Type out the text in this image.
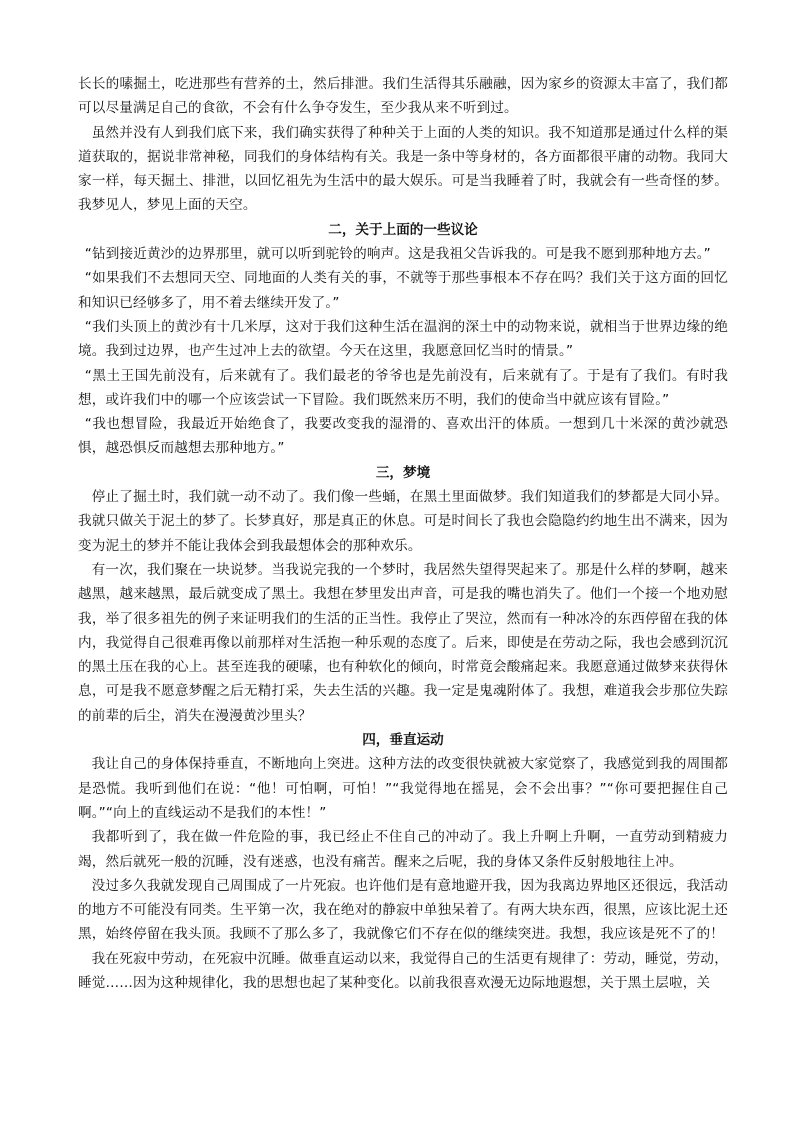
长长的嗉掘土，吃进那些有营养的土，然后排泄。我们生活得其乐融融，因为家乡的资源太丰富了，我们都可以尽量满足自己的食欲，不会有什么争夺发生，至少我从来不听到过。

虽然并没有人到我们底下来，我们确实获得了种种关于上面的人类的知识。我不知道那是通过什么样的渠道获取的，据说非常神秘，同我们的身体结构有关。我是一条中等身材的，各方面都很平庸的动物。我同大家一样，每天掘土、排泄，以回忆祖先为生活中的最大娱乐。可是当我睡着了时，我就会有一些奇怪的梦。我梦见人，梦见上面的天空。

二，关于上面的一些议论

“钻到接近黄沙的边界那里，就可以听到驼铃的响声。这是我祖父告诉我的。可是我不愿到那种地方去。”

“如果我们不去想同天空、同地面的人类有关的事，不就等于那些事根本不存在吗？我们关于这方面的回忆和知识已经够多了，用不着去继续开发了。”

“我们头顶上的黄沙有十几米厚，这对于我们这种生活在温润的深土中的动物来说，就相当于世界边缘的绝境。我到过边界，也产生过冲上去的欲望。今天在这里，我愿意回忆当时的情景。”

“黑土王国先前没有，后来就有了。我们最老的爷爷也是先前没有，后来就有了。于是有了我们。有时我想，或许我们中的哪一个应该尝试一下冒险。我们既然来历不明，我们的使命当中就应该有冒险。”

“我也想冒险，我最近开始绝食了，我要改变我的湿滑的、喜欢出汗的体质。一想到几十米深的黄沙就恐惧，越恐惧反而越想去那种地方。”

三，梦境

停止了掘土时，我们就一动不动了。我们像一些蛹，在黑土里面做梦。我们知道我们的梦都是大同小异。我就只做关于泥土的梦了。长梦真好，那是真正的休息。可是时间长了我也会隐隐约约地生出不满来，因为变为泥土的梦并不能让我体会到我最想体会的那种欢乐。

有一次，我们聚在一块说梦。当我说完我的一个梦时，我居然失望得哭起来了。那是什么样的梦啊，越来越黑，越来越黑，最后就变成了黑土。我想在梦里发出声音，可是我的嘴也消失了。他们一个接一个地劝慰我，举了很多祖先的例子来证明我们的生活的正当性。我停止了哭泣，然而有一种冰冷的东西停留在我的体内，我觉得自己很难再像以前那样对生活抱一种乐观的态度了。后来，即使是在劳动之际，我也会感到沉沉的黑土压在我的心上。甚至连我的硬嗉，也有种软化的倾向，时常竟会酸痛起来。我愿意通过做梦来获得休息，可是我不愿意梦醒之后无精打采，失去生活的兴趣。我一定是鬼魂附体了。我想，难道我会步那位失踪的前辈的后尘，消失在漫漫黄沙里头？

四，垂直运动

我让自己的身体保持垂直，不断地向上突进。这种方法的改变很快就被大家觉察了，我感觉到我的周围都是恐慌。我听到他们在说：“他！可怕啊，可怕！”“我觉得地在摇晃，会不会出事？”“你可要把握住自己啊。”“向上的直线运动不是我们的本性！”

我都听到了，我在做一件危险的事，我已经止不住自己的冲动了。我上升啊上升啊，一直劳动到精疲力竭，然后就死一般的沉睡，没有迷惑，也没有痛苦。醒来之后呢，我的身体又条件反射般地往上冲。

没过多久我就发现自己周围成了一片死寂。也许他们是有意地避开我，因为我离边界地区还很远，我活动的地方不可能没有同类。生平第一次，我在绝对的静寂中单独呆着了。有两大块东西，很黑，应该比泥土还黑，始终停留在我头顶。我顾不了那么多了，我就像它们不存在似的继续突进。我想，我应该是死不了的！

我在死寂中劳动，在死寂中沉睡。做垂直运动以来，我觉得自己的生活更有规律了：劳动，睡觉，劳动，睡觉……因为这种规律化，我的思想也起了某种变化。以前我很喜欢漫无边际地遐想，关于黑土层啦，关
